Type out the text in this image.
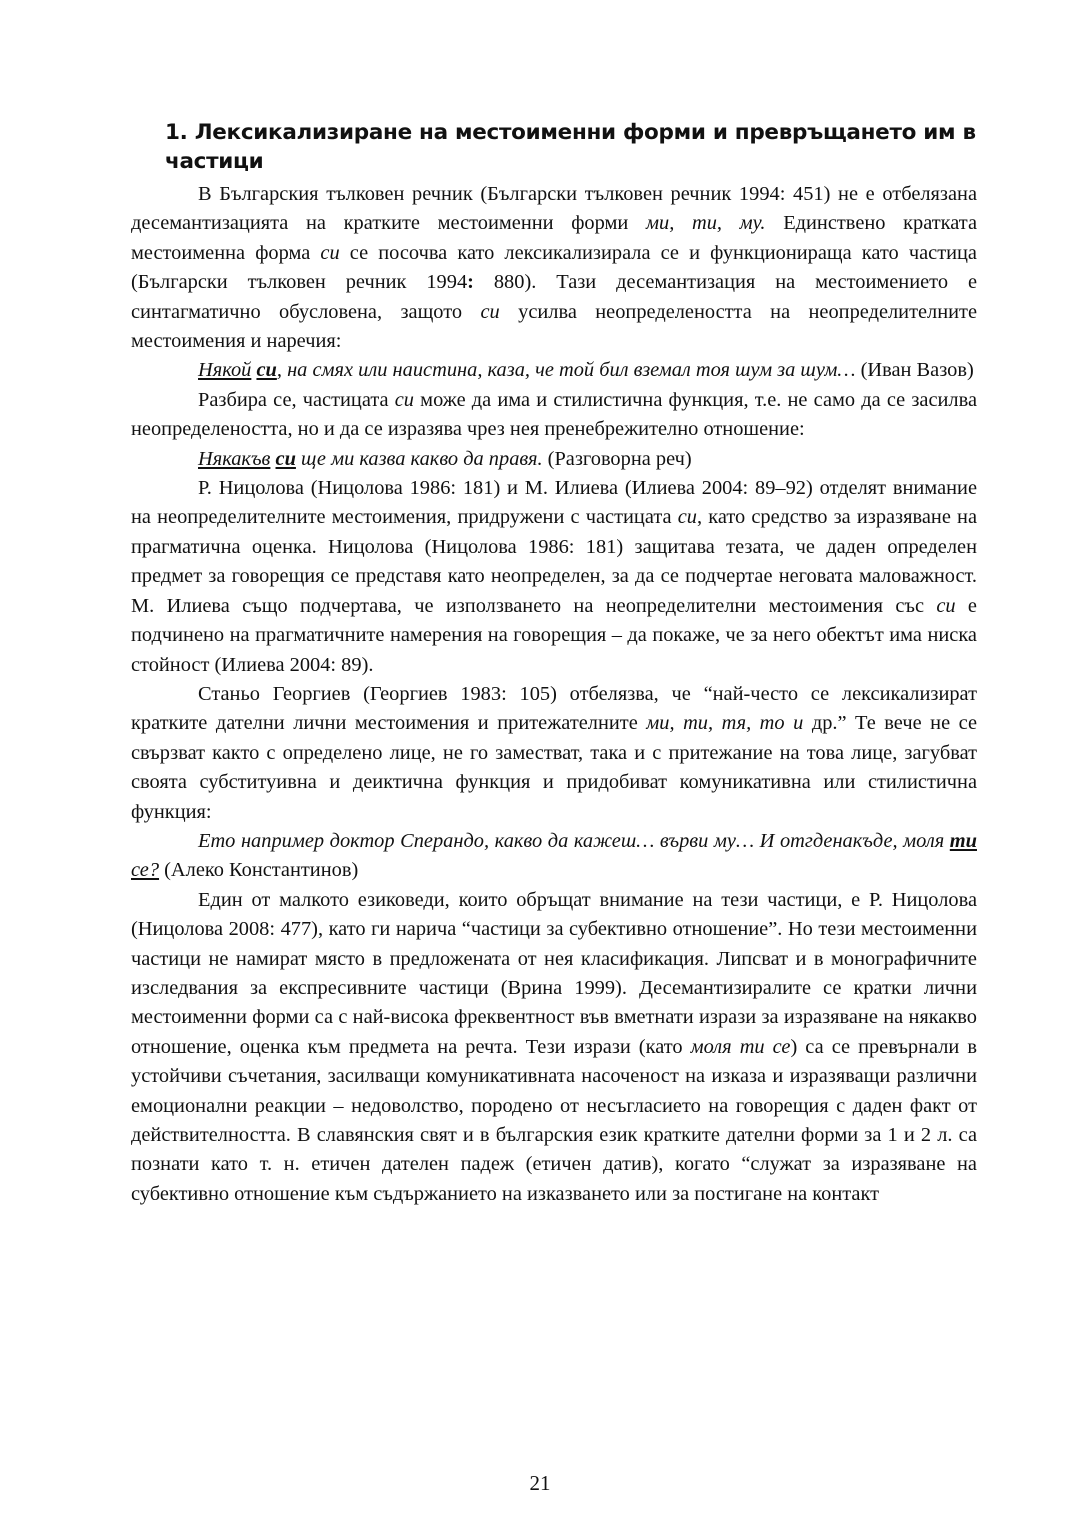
1. Лексикализиране на местоименни форми и превръщането им в частици

В Българския тълковен речник (Български тълковен речник 1994: 451) не е отбелязана десемантизацията на кратките местоименни форми ми, ти, му. Единствено кратката местоименна форма си се посочва като лексикализирала се и функционираща като частица (Български тълковен речник 1994: 880). Тази десемантизация на местоимението е синтагматично обусловена, защото си усилва неопределеността на неопределителните местоимения и наречия:

Някой си, на смях или наистина, каза, че той бил вземал тоя шум за шум… (Иван Вазов)

Разбира се, частицата си може да има и стилистична функция, т.е. не само да се засилва неопределеността, но и да се изразява чрез нея пренебрежително отношение:

Някакъв си ще ми казва какво да правя. (Разговорна реч)

Р. Ницолова (Ницолова 1986: 181) и М. Илиева (Илиева 2004: 89–92) отделят внимание на неопределителните местоимения, придружени с частицата си, като средство за изразяване на прагматична оценка. Ницолова (Ницолова 1986: 181) защитава тезата, че даден определен предмет за говорещия се представя като неопределен, за да се подчертае неговата маловажност. М. Илиева също подчертава, че използването на неопределителни местоимения със си е подчинено на прагматичните намерения на говорещия – да покаже, че за него обектът има ниска стойност (Илиева 2004: 89).

Станьо Георгиев (Георгиев 1983: 105) отбелязва, че “най-често се лексикализират кратките дателни лични местоимения и притежателните ми, ти, тя, то и др.” Те вече не се свързват както с определено лице, не го заместват, така и с притежание на това лице, загубват своята субституивна и деиктична функция и придобиват комуникативна или стилистична функция:

Ето например доктор Сперандо, какво да кажеш… върви му… И отгденакъде, моля ти се? (Алеко Константинов)

Един от малкото езиковеди, които обръщат внимание на тези частици, е Р. Ницолова (Ницолова 2008: 477), като ги нарича “частици за субективно отношение”. Но тези местоименни частици не намират място в предложената от нея класификация. Липсват и в монографичните изследвания за експресивните частици (Врина 1999). Десемантизиралите се кратки лични местоименни форми са с най-висока фреквентност във вметнати изрази за изразяване на някакво отношение, оценка към предмета на речта. Тези изрази (като моля ти се) са се превърнали в устойчиви съчетания, засилващи комуникативната насоченост на изказа и изразяващи различни емоционални реакции – недоволство, породено от несъгласието на говорещия с даден факт от действителността. В славянския свят и в българския език кратките дателни форми за 1 и 2 л. са познати като т. н. етичен дателен падеж (етичен датив), когато “служат за изразяване на субективно отношение към съдържанието на изказването или за постигане на контакт

21
